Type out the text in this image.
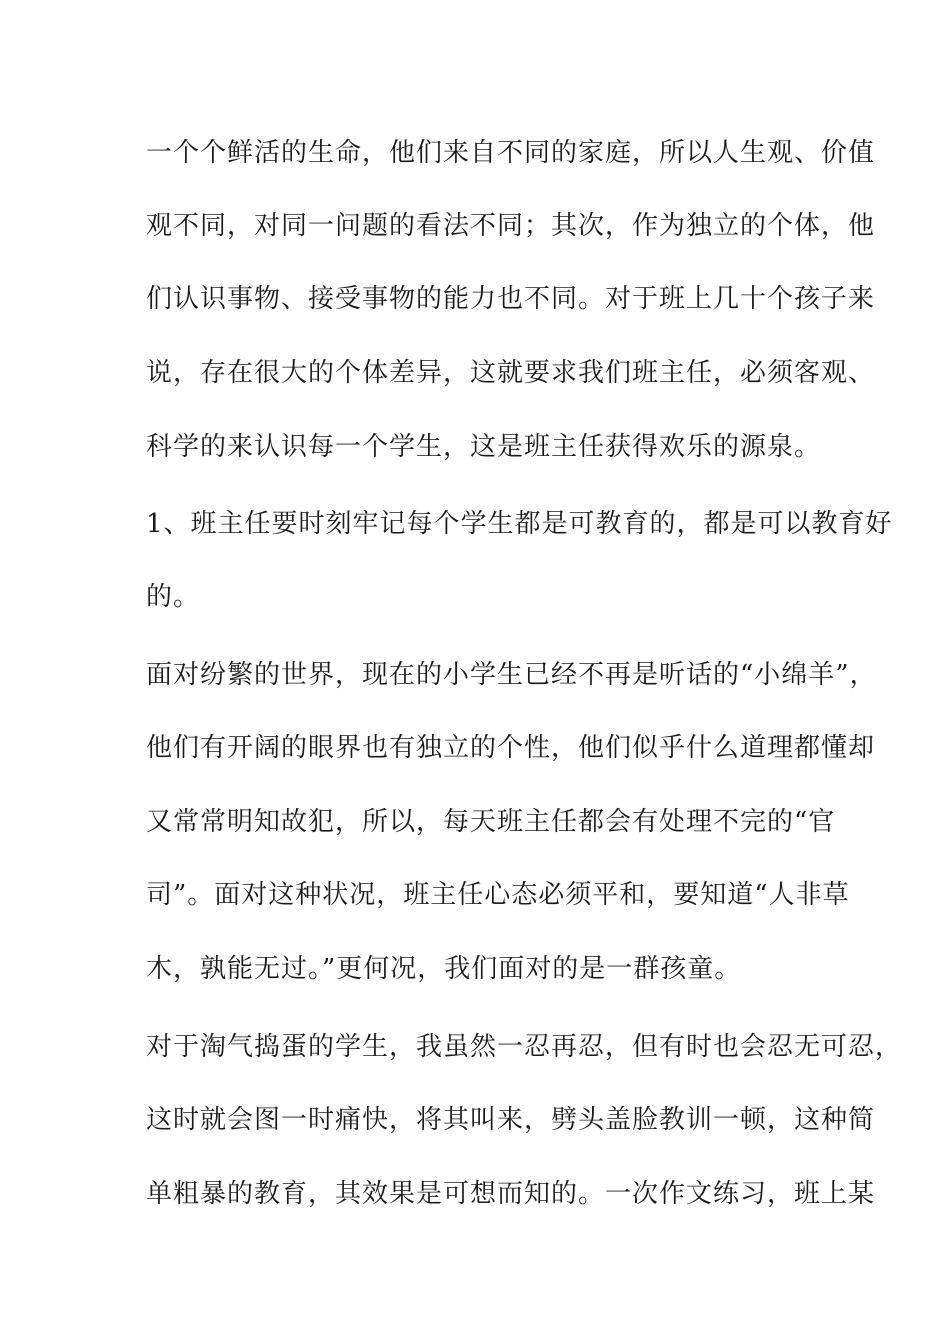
一个个鲜活的生命，他们来自不同的家庭，所以人生观、价值
观不同，对同一问题的看法不同；其次，作为独立的个体，他
们认识事物、接受事物的能力也不同。对于班上几十个孩子来
说，存在很大的个体差异，这就要求我们班主任，必须客观、
科学的来认识每一个学生，这是班主任获得欢乐的源泉。
1、班主任要时刻牢记每个学生都是可教育的，都是可以教育好
的。
面对纷繁的世界，现在的小学生已经不再是听话的“小绵羊”，
他们有开阔的眼界也有独立的个性，他们似乎什么道理都懂却
又常常明知故犯，所以，每天班主任都会有处理不完的“官
司”。面对这种状况，班主任心态必须平和，要知道“人非草
木，孰能无过。”更何况，我们面对的是一群孩童。
对于淘气捣蛋的学生，我虽然一忍再忍，但有时也会忍无可忍，
这时就会图一时痛快，将其叫来，劈头盖脸教训一顿，这种简
单粗暴的教育，其效果是可想而知的。一次作文练习，班上某
